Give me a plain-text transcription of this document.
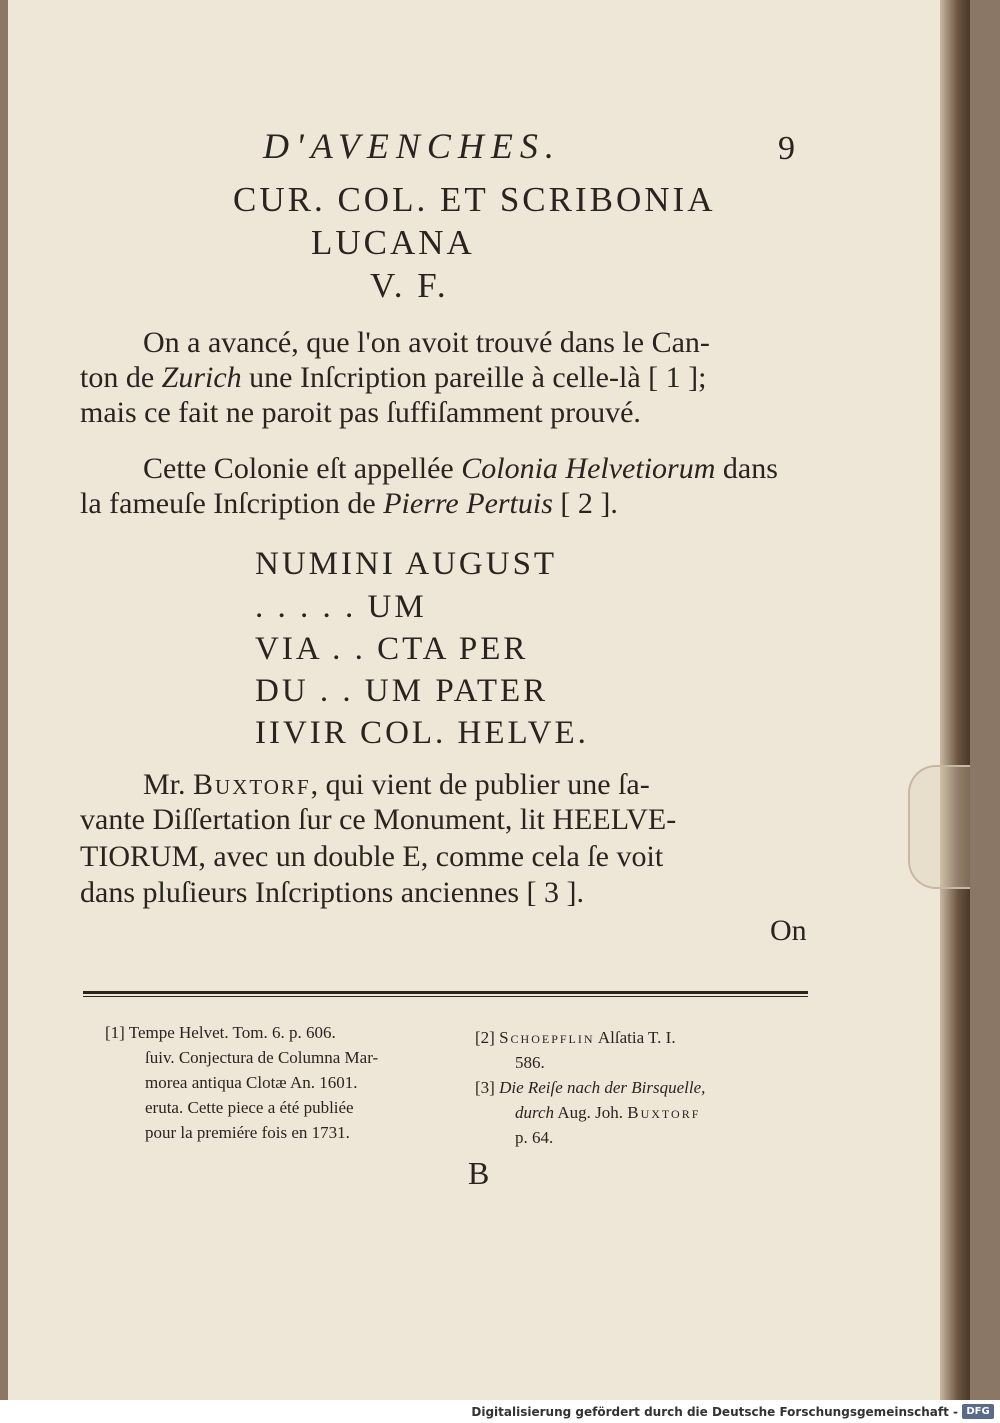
D'AVENCHES.	9
CUR. COL. ET SCRIBONIA
LUCANA
V. F.
On a avancé, que l'on avoit trouvé dans le Can-
ton de Zurich une Inſcription pareille à celle-là [ 1 ];
mais ce fait ne paroit pas ſuffiſamment prouvé.
Cette Colonie eſt appellée Colonia Helvetiorum dans
la fameuſe Inſcription de Pierre Pertuis [ 2 ].
NUMINI AUGUST
. . . . . UM
VIA . . CTA PER
DU . . UM PATER
IIVIR COL. HELVE.
Mr. Buxtorf, qui vient de publier une ſa-
vante Diſſertation ſur ce Monument, lit HEELVE-
TIORUM, avec un double E, comme cela ſe voit
dans pluſieurs Inſcriptions anciennes [ 3 ].
On
[1] Tempe Helvet. Tom. 6. p. 606.
ſuiv. Conjectura de Columna Mar-
morea antiqua Clotæ An. 1601.
eruta. Cette piece a été publiée
pour la premiére fois en 1731.
[2] Schoepflin Alſatia T. I.
586.
[3] Die Reiſe nach der Birsquelle,
durch Aug. Joh. Buxtorf
p. 64.
B
Digitalisierung gefördert durch die Deutsche Forschungsgemeinschaft - DFG
